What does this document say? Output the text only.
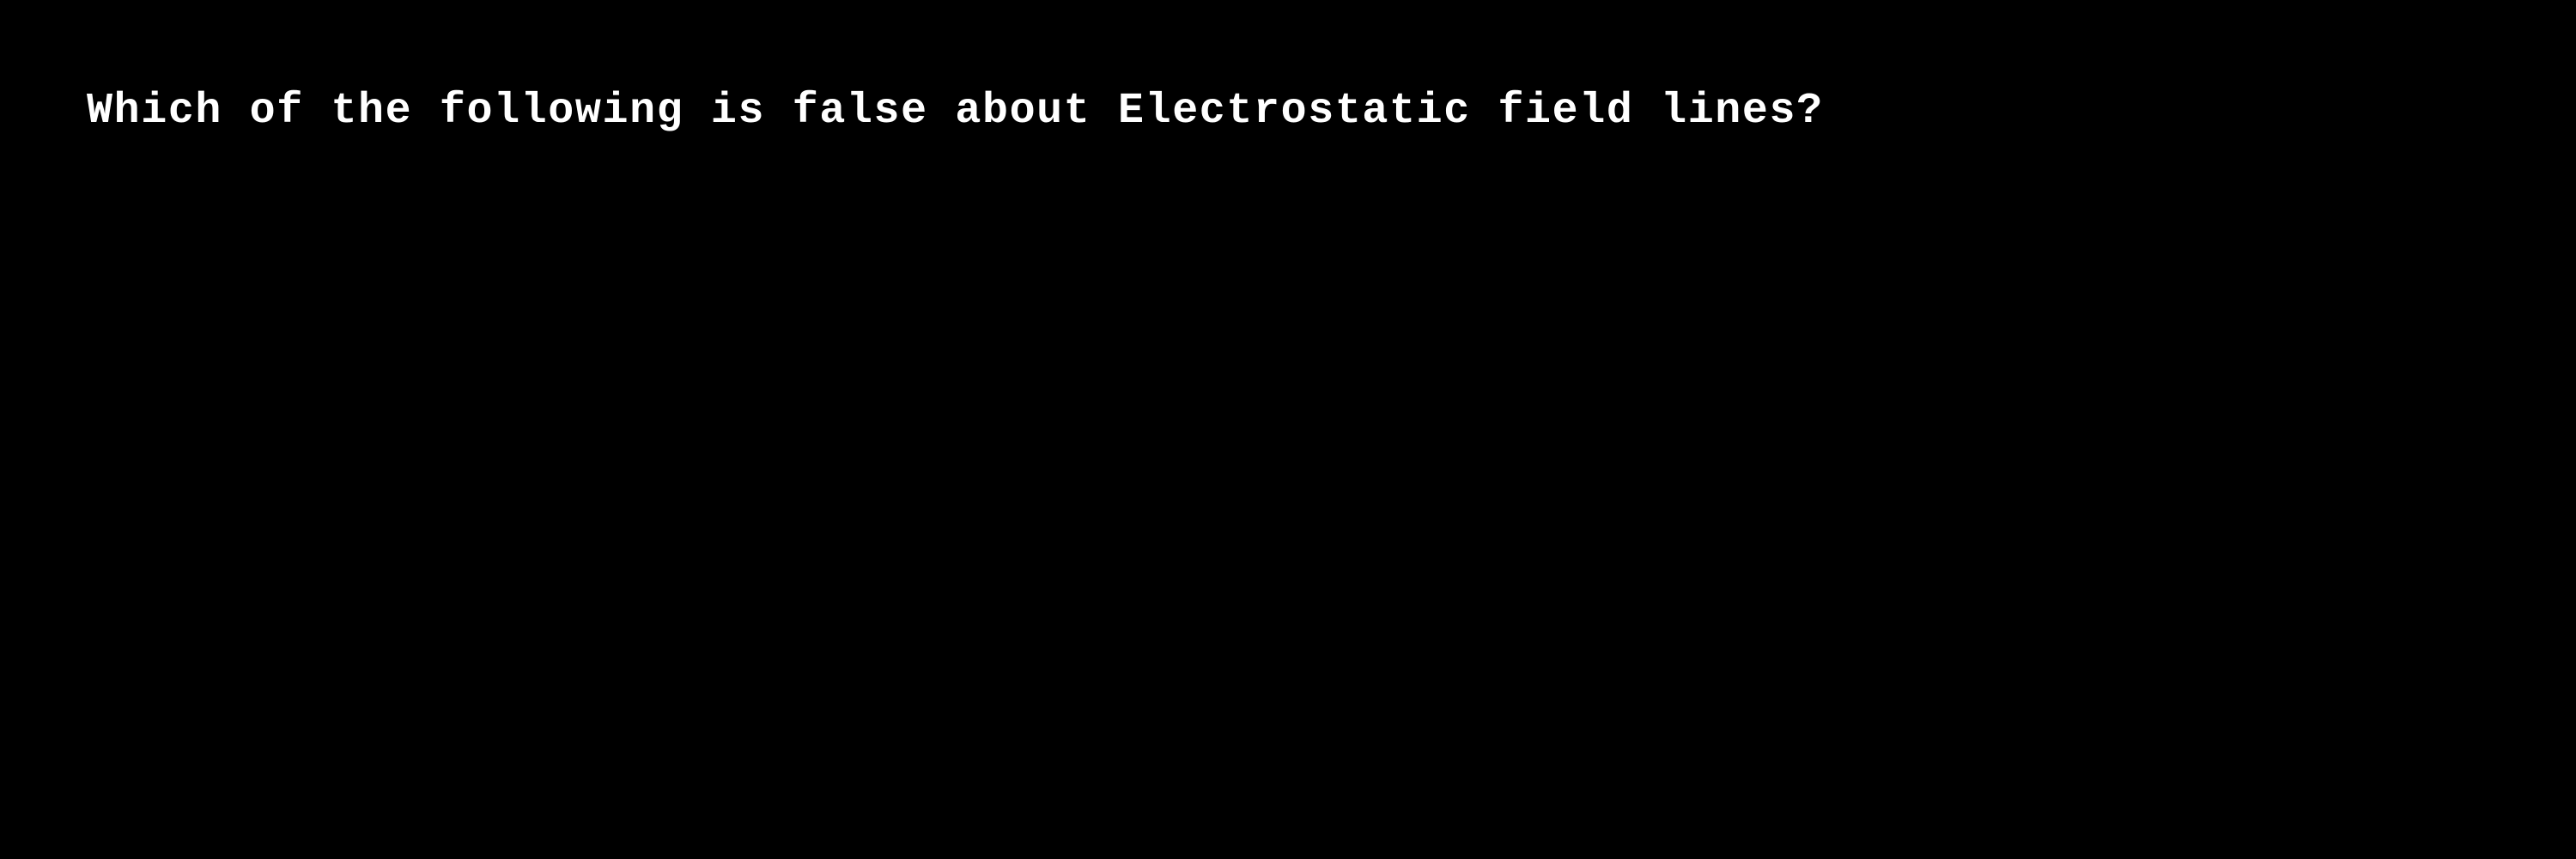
Which of the following is false about Electrostatic field lines?
